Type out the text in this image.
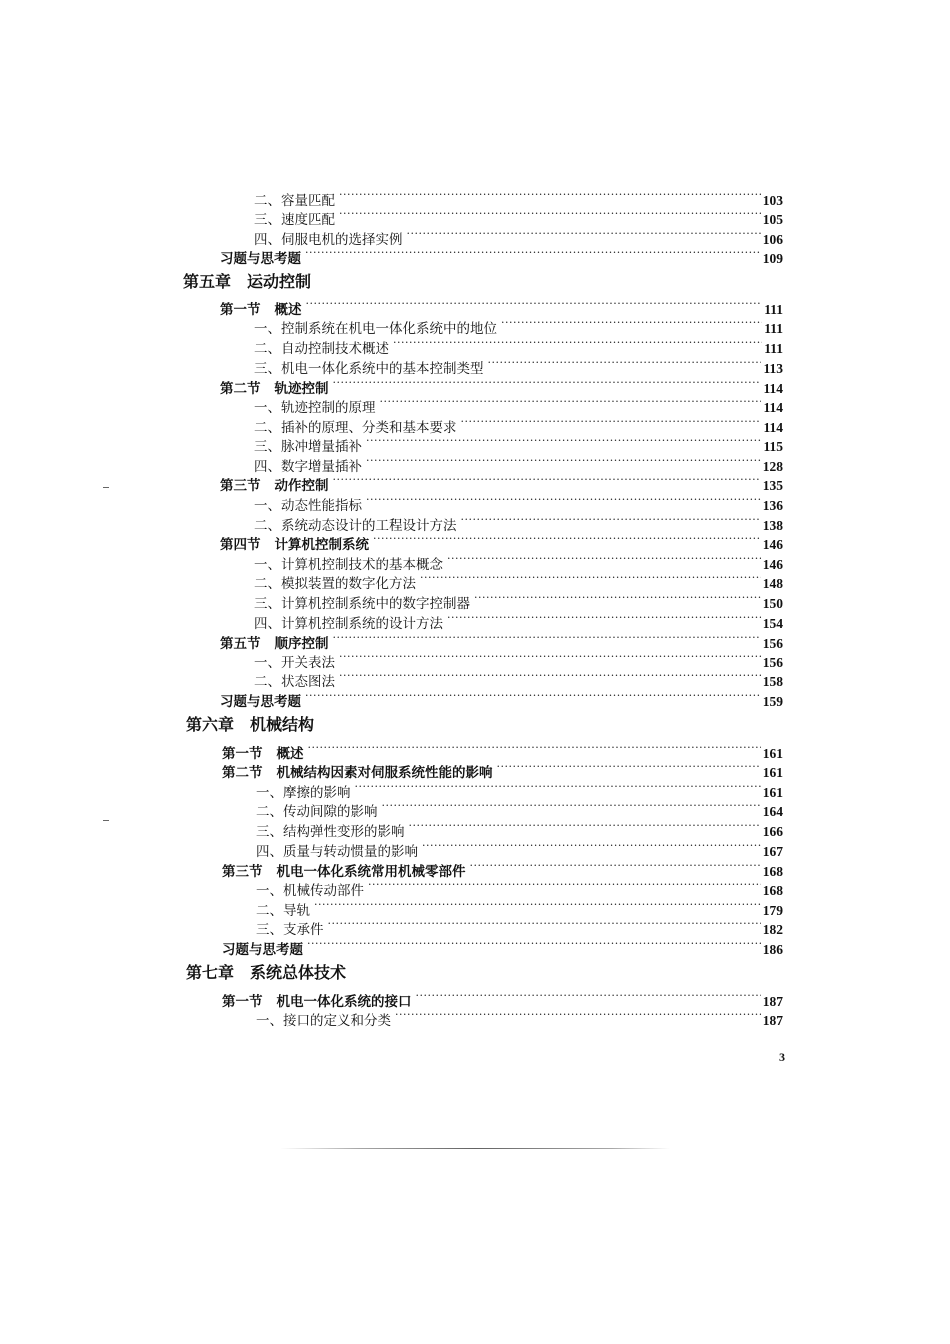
二、容量匹配 ·····	103
三、速度匹配 ·····	105
四、伺服电机的选择实例 ·····	106
习题与思考题 ·····	109
第五章 运动控制
第一节 概述 ·····	111
一、控制系统在机电一体化系统中的地位 ·····	111
二、自动控制技术概述 ·····	111
三、机电一体化系统中的基本控制类型 ·····	113
第二节 轨迹控制 ·····	114
一、轨迹控制的原理 ·····	114
二、插补的原理、分类和基本要求 ·····	114
三、脉冲增量插补 ·····	115
四、数字增量插补 ·····	128
第三节 动作控制 ·····	135
一、动态性能指标 ·····	136
二、系统动态设计的工程设计方法 ·····	138
第四节 计算机控制系统 ·····	146
一、计算机控制技术的基本概念 ·····	146
二、模拟装置的数字化方法 ·····	148
三、计算机控制系统中的数字控制器 ·····	150
四、计算机控制系统的设计方法 ·····	154
第五节 顺序控制 ·····	156
一、开关表法 ·····	156
二、状态图法 ·····	158
习题与思考题 ·····	159
第六章 机械结构
第一节 概述 ·····	161
第二节 机械结构因素对伺服系统性能的影响 ·····	161
一、摩擦的影响 ·····	161
二、传动间隙的影响 ·····	164
三、结构弹性变形的影响 ·····	166
四、质量与转动惯量的影响 ·····	167
第三节 机电一体化系统常用机械零部件 ·····	168
一、机械传动部件 ·····	168
二、导轨 ·····	179
三、支承件 ·····	182
习题与思考题 ·····	186
第七章 系统总体技术
第一节 机电一体化系统的接口 ·····	187
一、接口的定义和分类 ·····	187
3
